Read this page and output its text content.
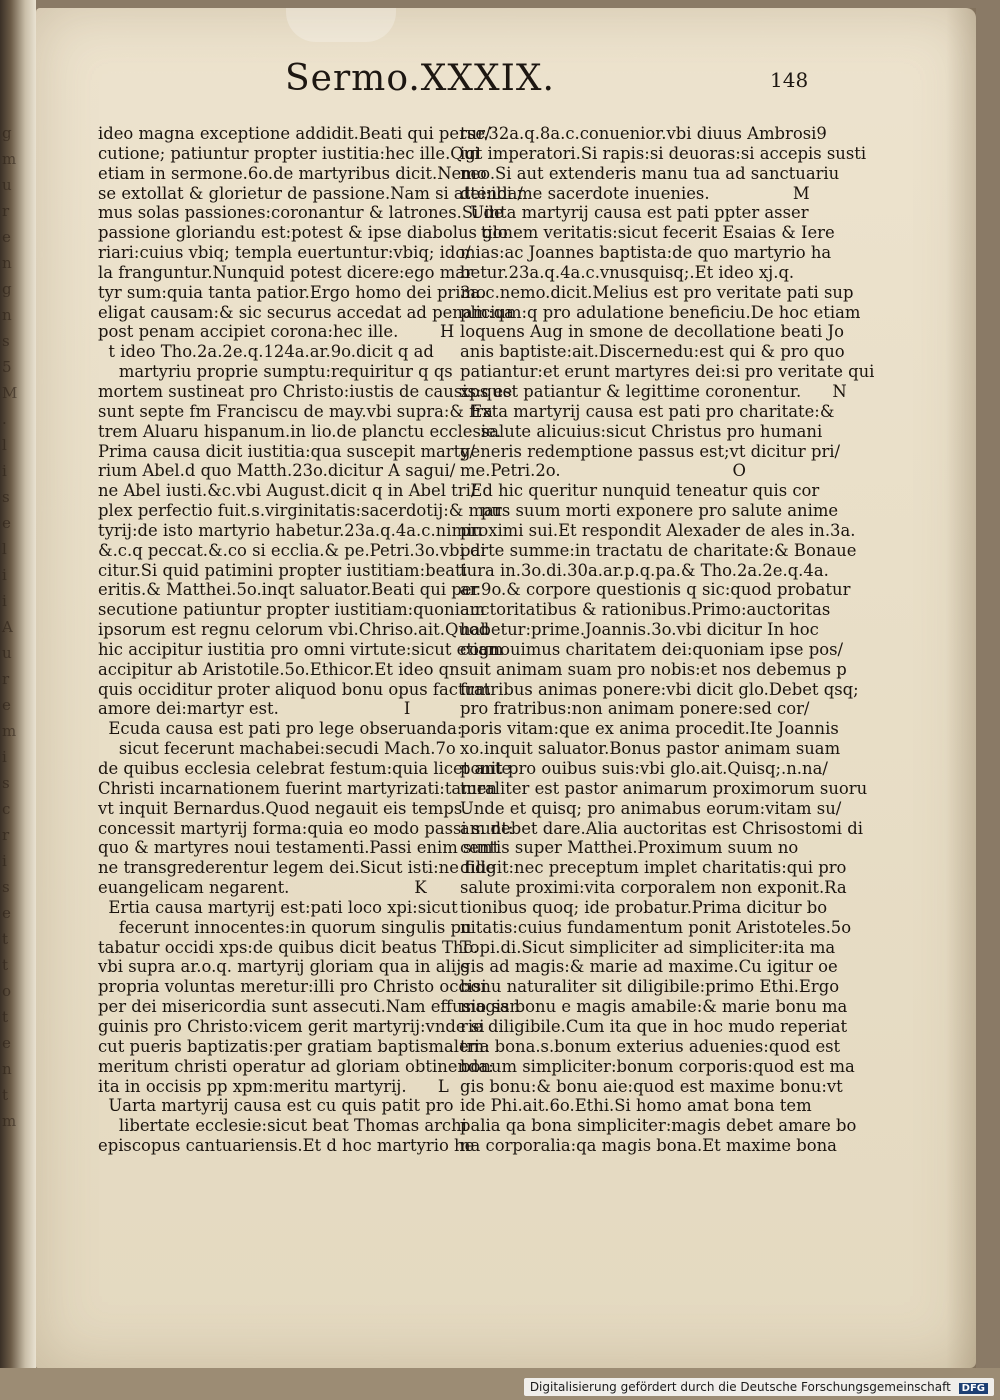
g
m
u
r
e
n
g
n
s
5
M
.
l
i
s
e
l
i
i
A
u
r
e
m
i
s
c
r
i
s
e
t
t
o
t
e
n
t
m
Sermo.XXXIX.	148
ideo magna exceptione addidit.Beati qui perse/
cutione; patiuntur propter iustitia:hec ille.Qui
etiam in sermone.6o.de martyribus dicit.Nemo
se extollat & glorietur de passione.Nam si attenda/
mus solas passiones:coronantur & latrones.Si de
passione gloriandu est:potest & ipse diabolus glo
riari:cuius vbiq; templa euertuntur:vbiq; ido/
la franguntur.Nunquid potest dicere:ego mar
tyr sum:quia tanta patior.Ergo homo dei primo
eligat causam:& sic securus accedat ad penam:qa
post penam accipiet corona:hec ille.        H
t ideo Tho.2a.2e.q.124a.ar.9o.dicit q ad
martyriu proprie sumptu:requiritur q qs
mortem sustineat pro Christo:iustis de causis:que
sunt septe fm Franciscu de may.vbi supra:& fra
trem Aluaru hispanum.in lio.de planctu ecclesie.
Prima causa dicit iustitia:qua suscepit marty/
rium Abel.d quo Matth.23o.dicitur A sagui/
ne Abel iusti.&c.vbi August.dicit q in Abel tri/
plex perfectio fuit.s.virginitatis:sacerdotij:& mar
tyrij:de isto martyrio habetur.23a.q.4a.c.nimiu
&.c.q peccat.&.co si ecclia.& pe.Petri.3o.vbi di
citur.Si quid patimini propter iustitiam:beati
eritis.& Matthei.5o.inqt saluator.Beati qui per
secutione patiuntur propter iustitiam:quoniam
ipsorum est regnu celorum vbi.Chriso.ait.Quod
hic accipitur iustitia pro omni virtute:sicut etiam
accipitur ab Aristotile.5o.Ethicor.Et ideo qn
quis occiditur proter aliquod bonu opus factum
amore dei:martyr est.                        I
Ecuda causa est pati pro lege obseruanda:
sicut fecerunt machabei:secudi Mach.7o
de quibus ecclesia celebrat festum:quia licet ante
Christi incarnationem fuerint martyrizati:tamen
vt inquit Bernardus.Quod negauit eis temps
concessit martyrij forma:quia eo modo passi sunt:
quo & martyres noui testamenti.Passi enim sunt
ne transgrederentur legem dei.Sicut isti:ne fide
euangelicam negarent.                        K
Ertia causa martyrij est:pati loco xpi:sicut
fecerunt innocentes:in quorum singulis pu
tabatur occidi xps:de quibus dicit beatus Tho.
vbi supra ar.o.q. martyrij gloriam qua in alijs
propria voluntas meretur:illi pro Christo occisi
per dei misericordia sunt assecuti.Nam effusio san
guinis pro Christo:vicem gerit martyrij:vnde si
cut pueris baptizatis:per gratiam baptismalem:
meritum christi operatur ad gloriam obtinenda:
ita in occisis pp xpm:meritu martyrij.      L
Uarta martyrij causa est cu quis patit pro
libertate ecclesie:sicut beat Thomas archi
episcopus cantuariensis.Et d hoc martyrio he
tur.32a.q.8a.c.conuenior.vbi diuus Ambrosi9
igt imperatori.Si rapis:si deuoras:si accepis susti
neo.Si aut extenderis manu tua ad sanctuariu
dei:ibi me sacerdote inuenies.                M
Uinta martyrij causa est pati ppter asser
tionem veritatis:sicut fecerit Esaias & Iere
mias:ac Joannes baptista:de quo martyrio ha
betur.23a.q.4a.c.vnusquisq;.Et ideo xj.q.
3a.c.nemo.dicit.Melius est pro veritate pati sup
plicium:q pro adulatione beneficiu.De hoc etiam
loquens Aug in smone de decollatione beati Jo
anis baptiste:ait.Discernedu:est qui & pro quo
patiantur:et erunt martyres dei:si pro veritate qui
xps est patiantur & legittime coronentur.      N
Exta martyrij causa est pati pro charitate:&
salute alicuius:sicut Christus pro humani
generis redemptione passus est;vt dicitur pri/
me.Petri.2o.                                 O
Ed hic queritur nunquid teneatur quis cor
pus suum morti exponere pro salute anime
proximi sui.Et respondit Alexader de ales in.3a.
parte summe:in tractatu de charitate:& Bonaue
tura in.3o.di.30a.ar.p.q.pa.& Tho.2a.2e.q.4a.
ar.9o.& corpore questionis q sic:quod probatur
auctoritatibus & rationibus.Primo:auctoritas
habetur:prime.Joannis.3o.vbi dicitur In hoc
cognouimus charitatem dei:quoniam ipse pos/
suit animam suam pro nobis:et nos debemus p
fratribus animas ponere:vbi dicit glo.Debet qsq;
pro fratribus:non animam ponere:sed cor/
poris vitam:que ex anima procedit.Ite Joannis
xo.inquit saluator.Bonus pastor animam suam
ponit pro ouibus suis:vbi glo.ait.Quisq;.n.na/
turaliter est pastor animarum proximorum suoru
Unde et quisq; pro animabus eorum:vitam su/
am debet dare.Alia auctoritas est Chrisostomi di
centis super Matthei.Proximum suum no
diligit:nec preceptum implet charitatis:qui pro
salute proximi:vita corporalem non exponit.Ra
tionibus quoq; ide probatur.Prima dicitur bo
nitatis:cuius fundamentum ponit Aristoteles.5o
Topi.di.Sicut simpliciter ad simpliciter:ita ma
gis ad magis:& marie ad maxime.Cu igitur oe
bonu naturaliter sit diligibile:primo Ethi.Ergo
magis bonu e magis amabile:& marie bonu ma
rie diligibile.Cum ita que in hoc mudo reperiat
tria bona.s.bonum exterius aduenies:quod est
bonum simpliciter:bonum corporis:quod est ma
gis bonu:& bonu aie:quod est maxime bonu:vt
ide Phi.ait.6o.Ethi.Si homo amat bona tem
palia qa bona simpliciter:magis debet amare bo
na corporalia:qa magis bona.Et maxime bona
Digitalisierung gefördert durch die Deutsche Forschungsgemeinschaft DFG
